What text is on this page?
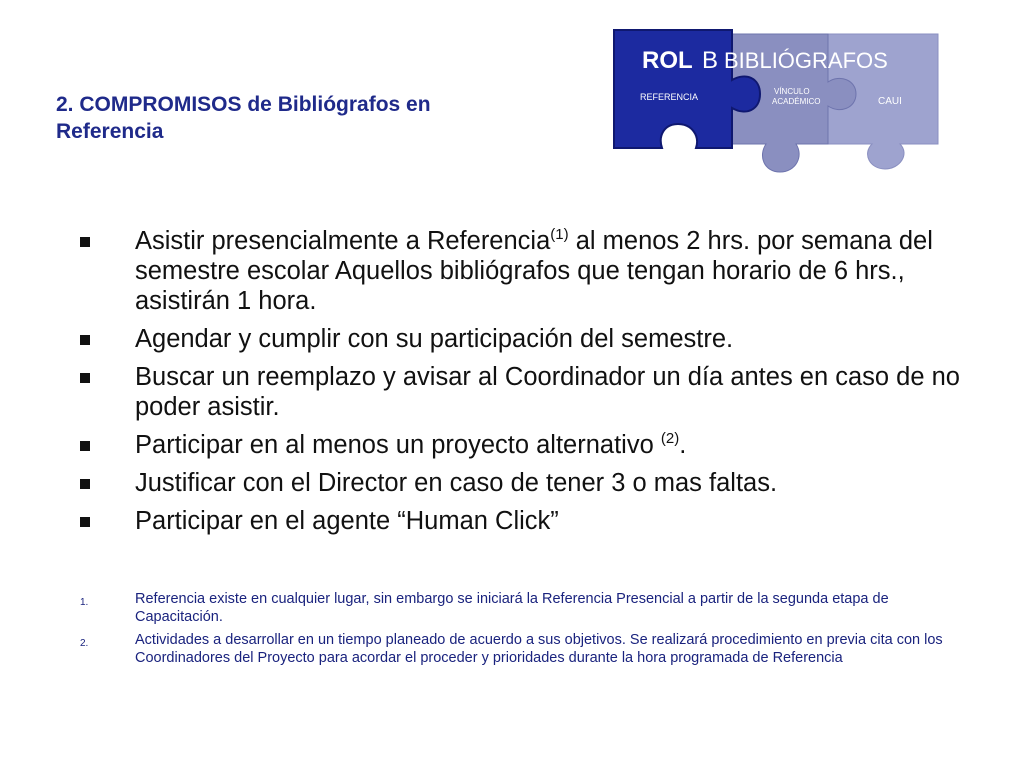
2. COMPROMISOS de Bibliógrafos en
Referencia
ROL B BIBLIÓGRAFOS
REFERENCIA
VÍNCULO
ACADÉMICO	CAUI
Asistir presencialmente a Referencia$^{(1)}$ al menos 2 hrs. por semana del semestre escolar Aquellos bibliógrafos que tengan horario de 6 hrs., asistirán 1 hora.
Agendar y cumplir con su participación del semestre.
Buscar un reemplazo y avisar al Coordinador un día antes en caso de no poder asistir.
Participar en al menos un proyecto alternativo $^{(2)}$.
Justificar con el Director en caso de tener 3 o mas faltas.
Participar en el agente “Human Click”
1.	Referencia existe en cualquier lugar, sin embargo se iniciará la Referencia Presencial a partir de la segunda etapa de Capacitación.
2.	Actividades a desarrollar en un tiempo planeado de acuerdo a sus objetivos. Se realizará procedimiento en previa cita con los Coordinadores del Proyecto para acordar el proceder y prioridades durante la hora programada de Referencia
